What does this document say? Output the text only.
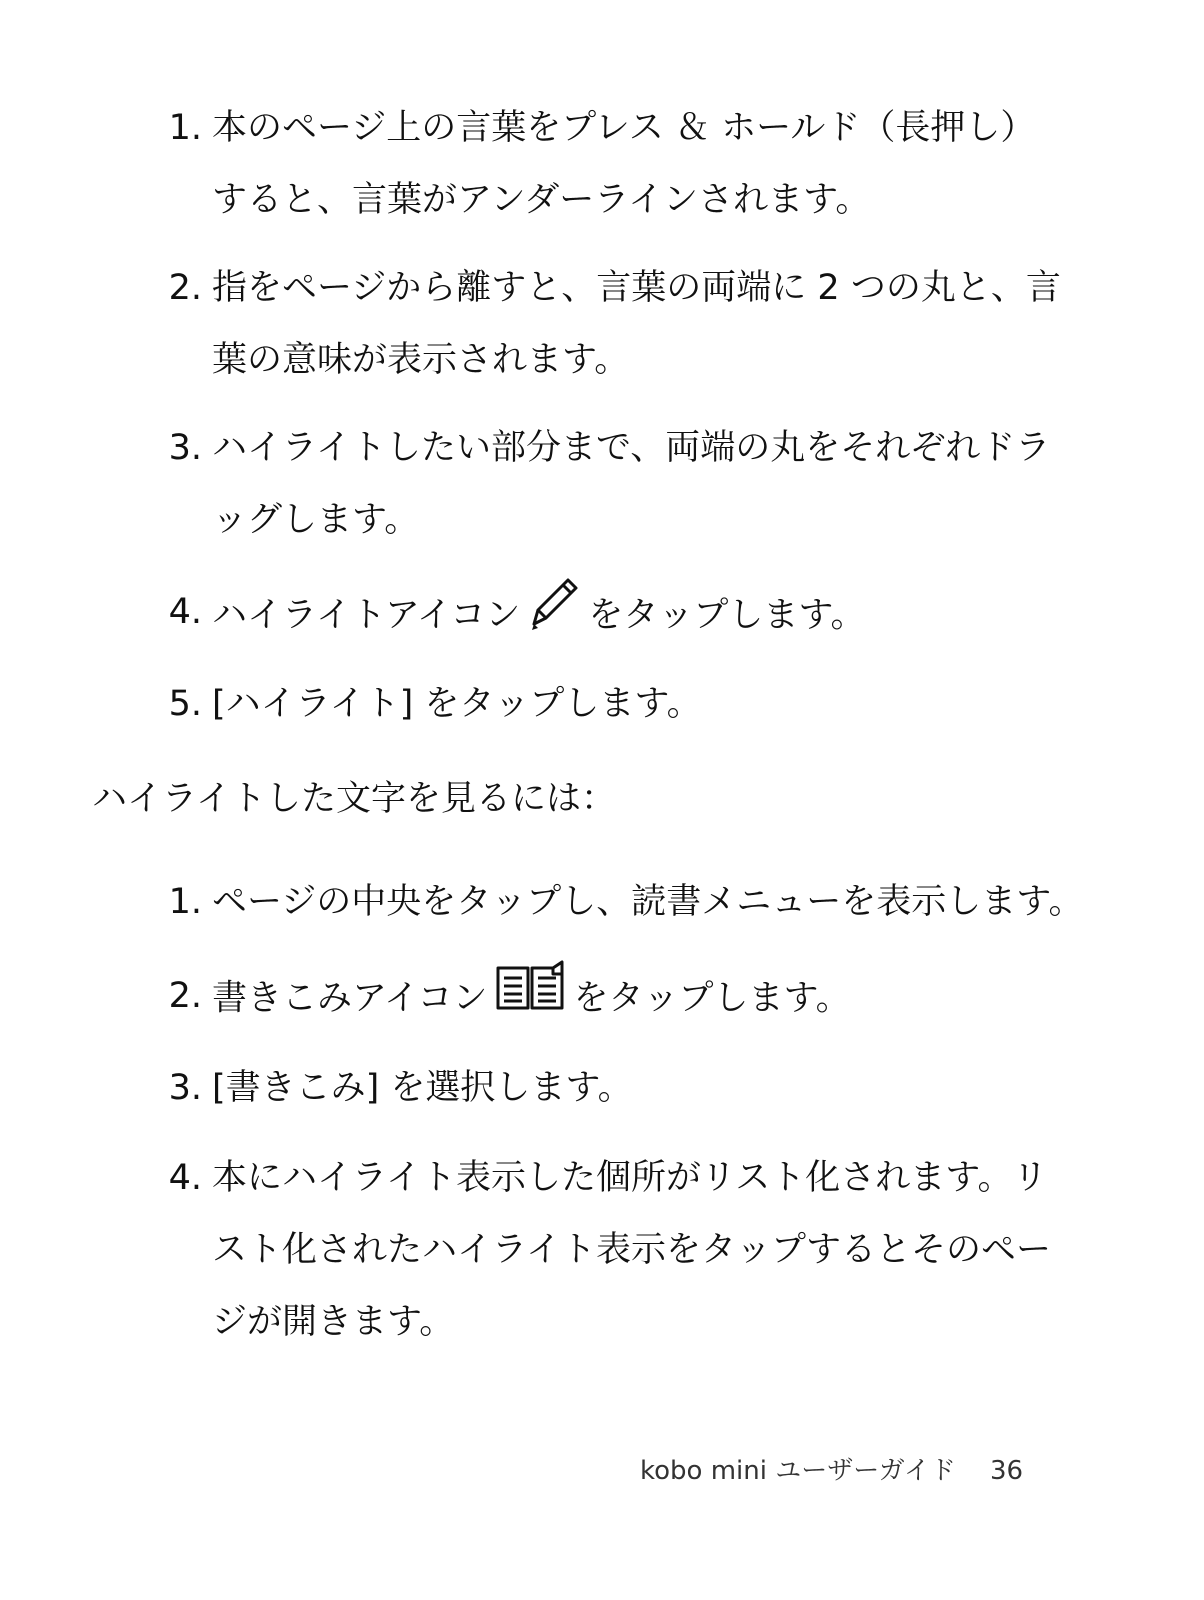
1. 本のページ上の言葉をプレス ＆ ホールド（長押し）
すると、言葉がアンダーラインされます。
2. 指をページから離すと、言葉の両端に 2 つの丸と、言
葉の意味が表示されます。
3. ハイライトしたい部分まで、両端の丸をそれぞれドラ
ッグします。
4. ハイライトアイコン をタップします。
5. [ハイライト] をタップします。
ハイライトした文字を見るには：
1. ページの中央をタップし、読書メニューを表示します。
2. 書きこみアイコン をタップします。
3. [書きこみ] を選択します。
4. 本にハイライト表示した個所がリスト化されます。リ
スト化されたハイライト表示をタップするとそのペー
ジが開きます。
kobo mini ユーザーガイド 36
